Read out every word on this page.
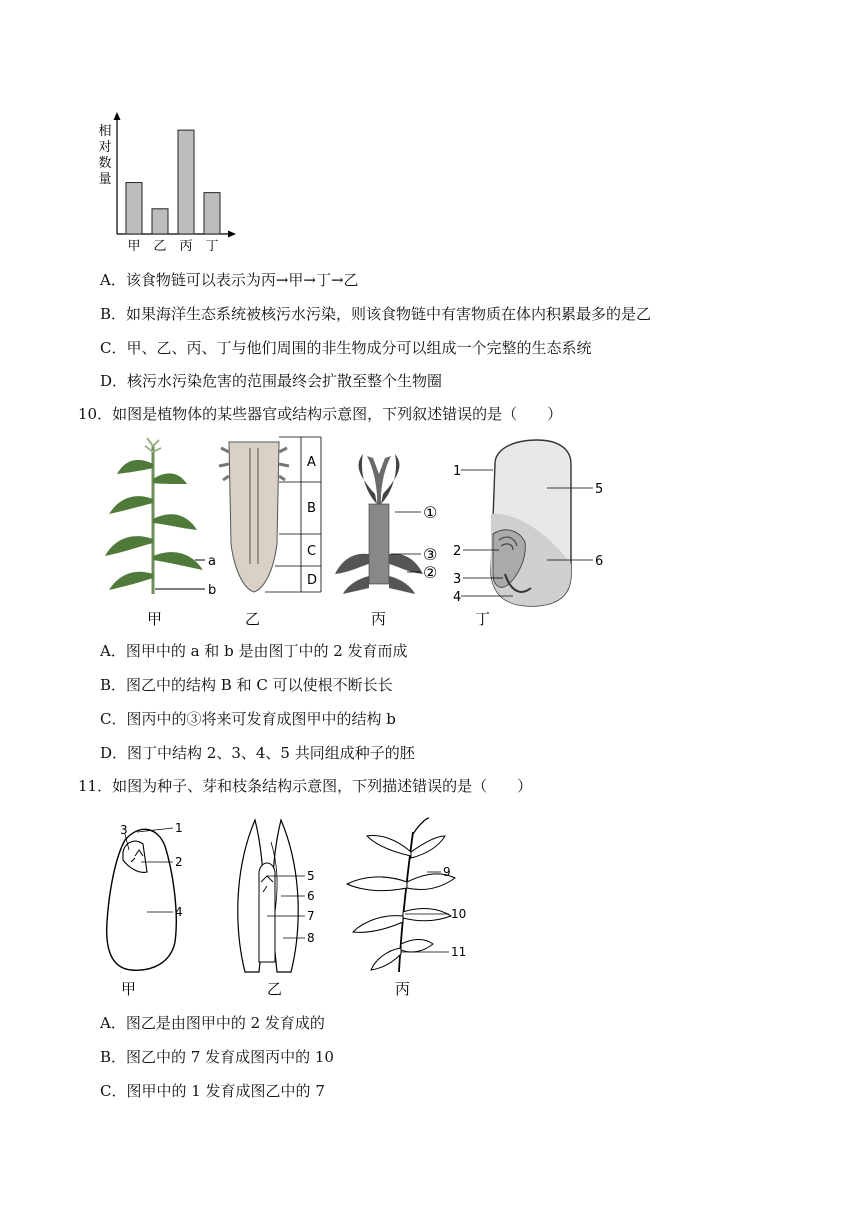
相对数量
甲 乙 丙 丁
A．该食物链可以表示为丙→甲→丁→乙
B．如果海洋生态系统被核污水污染，则该食物链中有害物质在体内积累最多的是乙
C．甲、乙、丙、丁与他们周围的非生物成分可以组成一个完整的生态系统
D．核污水污染危害的范围最终会扩散至整个生物圈
10．如图是植物体的某些器官或结构示意图，下列叙述错误的是（　　）
a
b
甲
A
B
C
D
乙
①
③
②
丙
1
5
2
6
3
4
丁
A．图甲中的 a 和 b 是由图丁中的 2 发育而成
B．图乙中的结构 B 和 C 可以使根不断长长
C．图丙中的③将来可发育成图甲中的结构 b
D．图丁中结构 2、3、4、5 共同组成种子的胚
11．如图为种子、芽和枝条结构示意图，下列描述错误的是（　　）
3	1
2
4
甲
5
6
7
8
乙
9
10
11
丙
A．图乙是由图甲中的 2 发育成的
B．图乙中的 7 发育成图丙中的 10
C．图甲中的 1 发育成图乙中的 7
